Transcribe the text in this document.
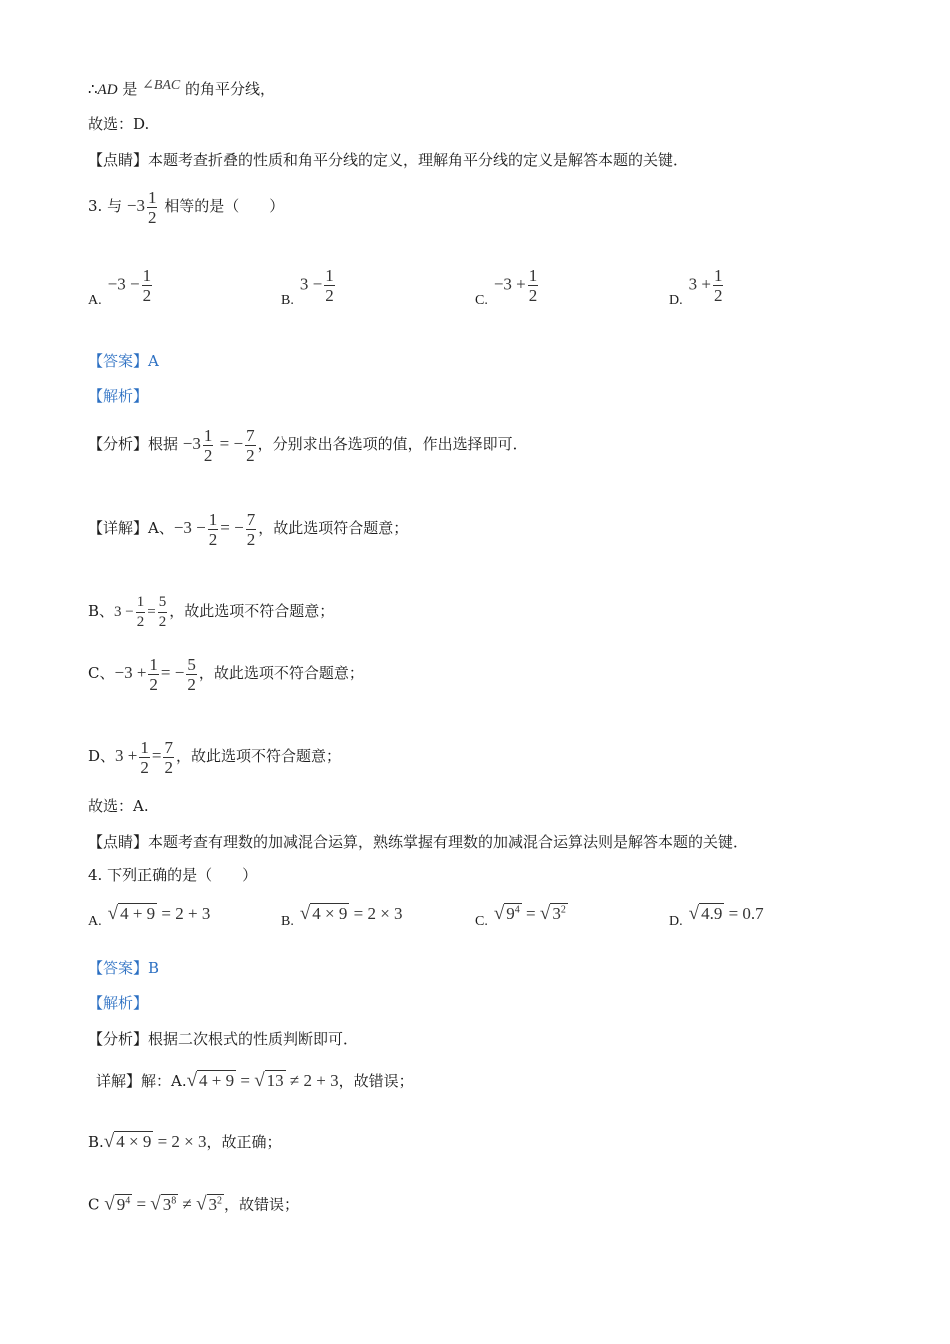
∴AD 是 ∠BAC 的角平分线，
故选：D.
【点睛】本题考查折叠的性质和角平分线的定义，理解角平分线的定义是解答本题的关键．
3. 与 $-3 \frac{1}{2}$ 相等的是（　　）
$A.-3 - \frac{1}{2}$	$B.3 - \frac{1}{2}$	$C.-3 + \frac{1}{2}$	$D.3 + \frac{1}{2}$
【答案】A
【解析】
【分析】根据 $-3 \frac{1}{2}$ = − $\frac{7}{2}$ ，分别求出各选项的值，作出选择即可．
【详解】A、$-3 - \frac{1}{2}$ = − $\frac{7}{2}$ ，故此选项符合题意；
B、$3 - \frac{1}{2} = \frac{5}{2}$ ，故此选项不符合题意；
C、$-3 + \frac{1}{2}$ = − $\frac{5}{2}$ ，故此选项不符合题意；
D、$3 + \frac{1}{2} = \frac{7}{2}$ ，故此选项不符合题意；
故选：A.
【点睛】本题考查有理数的加减混合运算，熟练掌握有理数的加减混合运算法则是解答本题的关键．
4. 下列正确的是（　　）
A. √ 4 + 9 = 2 + 3	B. √ 4 × 9 = 2 × 3	C. √ $9^4$ = √ $3^2$
D. √ 4.9 = 0.7
【答案】B
【解析】
【分析】根据二次根式的性质判断即可．
详解】解：A.√ 4 + 9 = √ 13 ≠ 2 + 3，故错误；
B.√ 4 × 9 = 2 × 3，故正确；
C √ $9^4$ = √ $3^8$ ≠ √ $3^2$ ，故错误；
